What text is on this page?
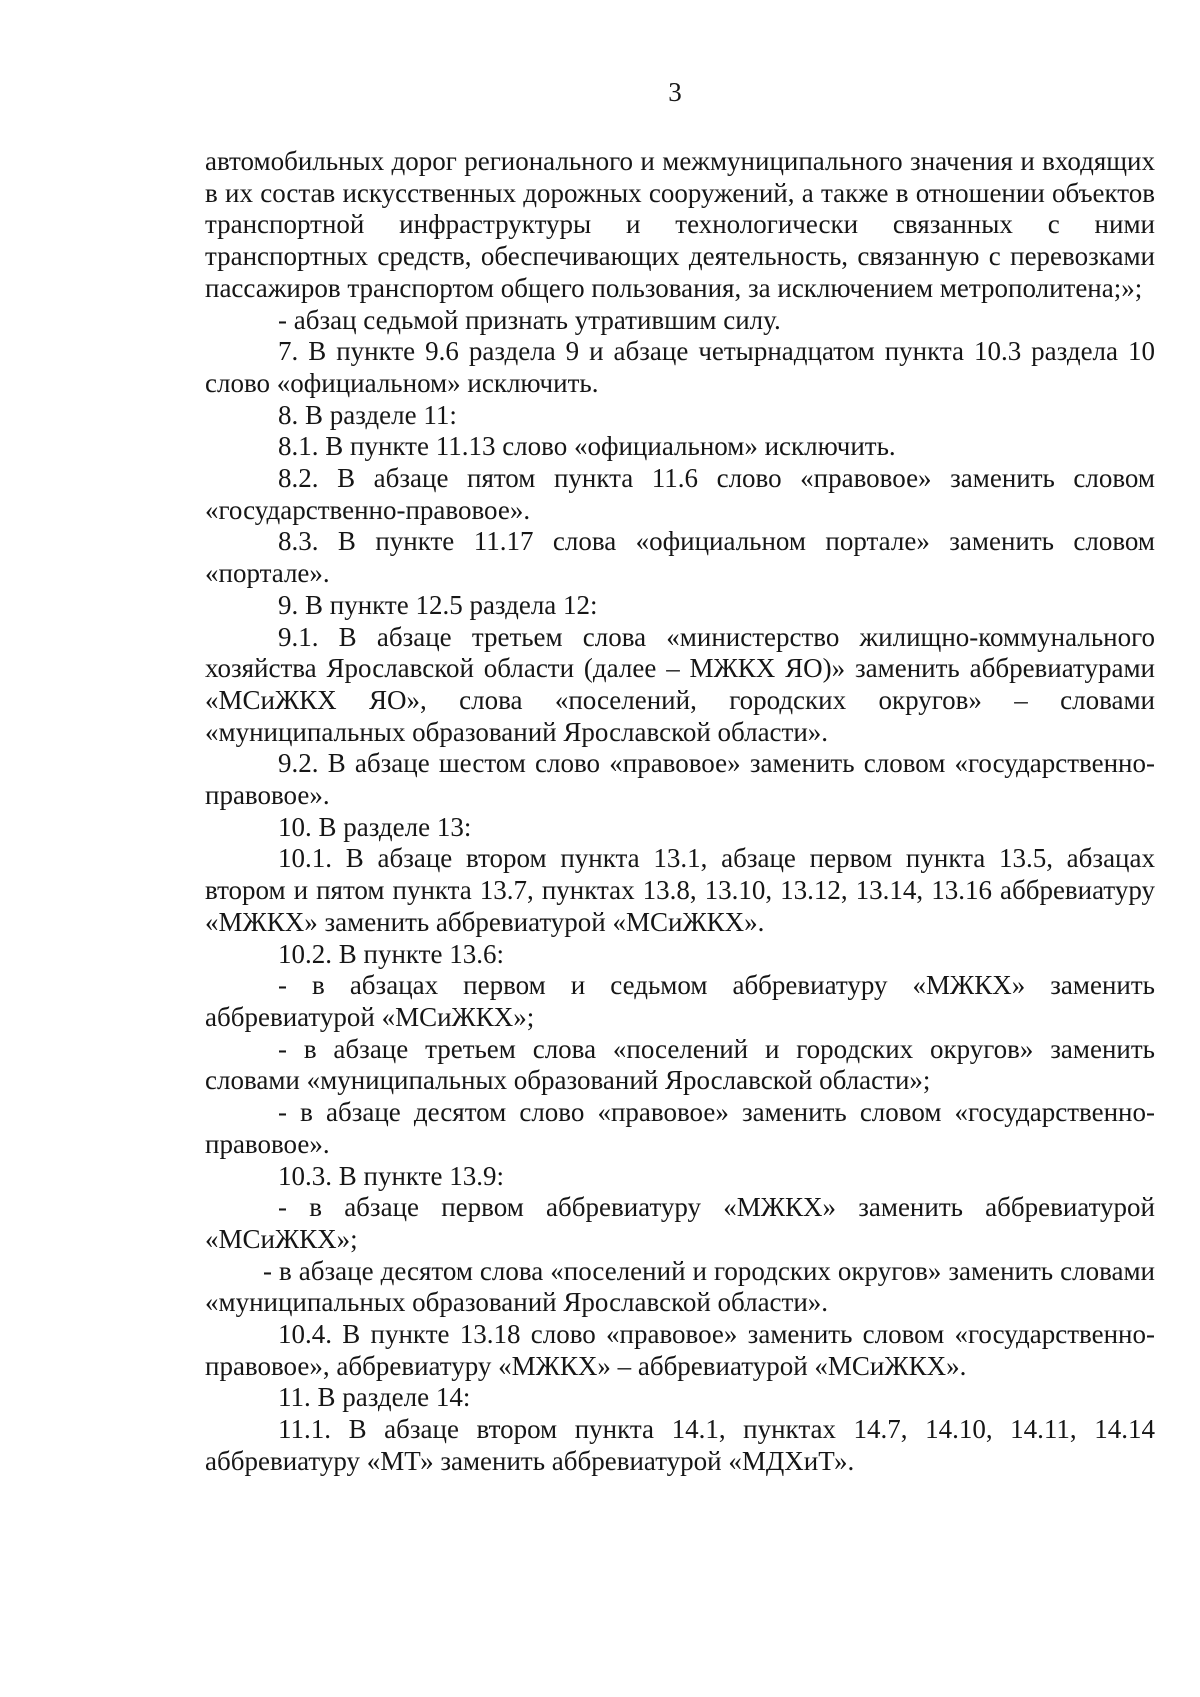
3

автомобильных дорог регионального и межмуниципального значения и входящих в их состав искусственных дорожных сооружений, а также в отношении объектов транспортной инфраструктуры и технологически связанных с ними транспортных средств, обеспечивающих деятельность, связанную с перевозками пассажиров транспортом общего пользования, за исключением метрополитена;»;

- абзац седьмой признать утратившим силу.

7. В пункте 9.6 раздела 9 и абзаце четырнадцатом пункта 10.3 раздела 10 слово «официальном» исключить.

8. В разделе 11:

8.1. В пункте 11.13 слово «официальном» исключить.

8.2. В абзаце пятом пункта 11.6 слово «правовое» заменить словом «государственно-правовое».

8.3. В пункте 11.17 слова «официальном портале» заменить словом «портале».

9. В пункте 12.5 раздела 12:

9.1. В абзаце третьем слова «министерство жилищно-коммунального хозяйства Ярославской области (далее – МЖКХ ЯО)» заменить аббревиатурами «МСиЖКХ ЯО», слова «поселений, городских округов» – словами «муниципальных образований Ярославской области».

9.2. В абзаце шестом слово «правовое» заменить словом «государственно-правовое».

10. В разделе 13:

10.1. В абзаце втором пункта 13.1, абзаце первом пункта 13.5, абзацах втором и пятом пункта 13.7, пунктах 13.8, 13.10, 13.12, 13.14, 13.16 аббревиатуру «МЖКХ» заменить аббревиатурой «МСиЖКХ».

10.2. В пункте 13.6:

- в абзацах первом и седьмом аббревиатуру «МЖКХ» заменить аббревиатурой «МСиЖКХ»;

- в абзаце третьем слова «поселений и городских округов» заменить словами «муниципальных образований Ярославской области»;

- в абзаце десятом слово «правовое» заменить словом «государственно-правовое».

10.3. В пункте 13.9:

- в абзаце первом аббревиатуру «МЖКХ» заменить аббревиатурой «МСиЖКХ»;

- в абзаце десятом слова «поселений и городских округов» заменить словами «муниципальных образований Ярославской области».

10.4. В пункте 13.18 слово «правовое» заменить словом «государственно-правовое», аббревиатуру «МЖКХ» – аббревиатурой «МСиЖКХ».

11. В разделе 14:

11.1. В абзаце втором пункта 14.1, пунктах 14.7, 14.10, 14.11, 14.14 аббревиатуру «МТ» заменить аббревиатурой «МДХиТ».
